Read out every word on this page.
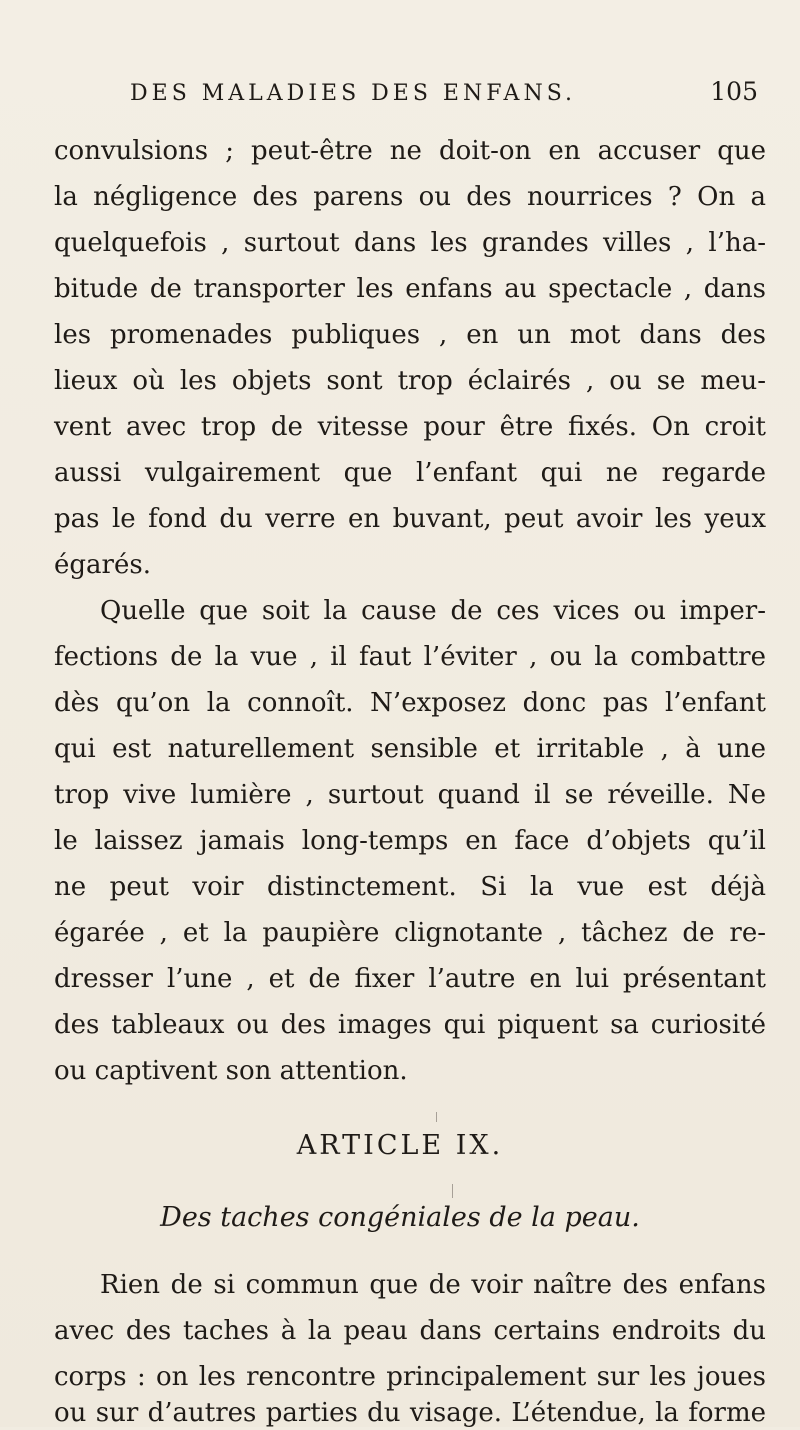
DES MALADIES DES ENFANS.	105
convulsions ; peut-être ne doit-on en accuser que
la négligence des parens ou des nourrices ? On a
quelquefois , surtout dans les grandes villes , l’ha-
bitude de transporter les enfans au spectacle , dans
les promenades publiques , en un mot dans des
lieux où les objets sont trop éclairés , ou se meu-
vent avec trop de vitesse pour être fixés. On croit
aussi vulgairement que l’enfant qui ne regarde
pas le fond du verre en buvant, peut avoir les yeux
égarés.
Quelle que soit la cause de ces vices ou imper-
fections de la vue , il faut l’éviter , ou la combattre
dès qu’on la connoît. N’exposez donc pas l’enfant
qui est naturellement sensible et irritable , à une
trop vive lumière , surtout quand il se réveille. Ne
le laissez jamais long-temps en face d’objets qu’il
ne peut voir distinctement. Si la vue est déjà
égarée , et la paupière clignotante , tâchez de re-
dresser l’une , et de fixer l’autre en lui présentant
des tableaux ou des images qui piquent sa curiosité
ou captivent son attention.
ARTICLE IX.
Des taches congéniales de la peau.
Rien de si commun que de voir naître des enfans
avec des taches à la peau dans certains endroits du
corps : on les rencontre principalement sur les joues
ou sur d’autres parties du visage. L’étendue, la forme
